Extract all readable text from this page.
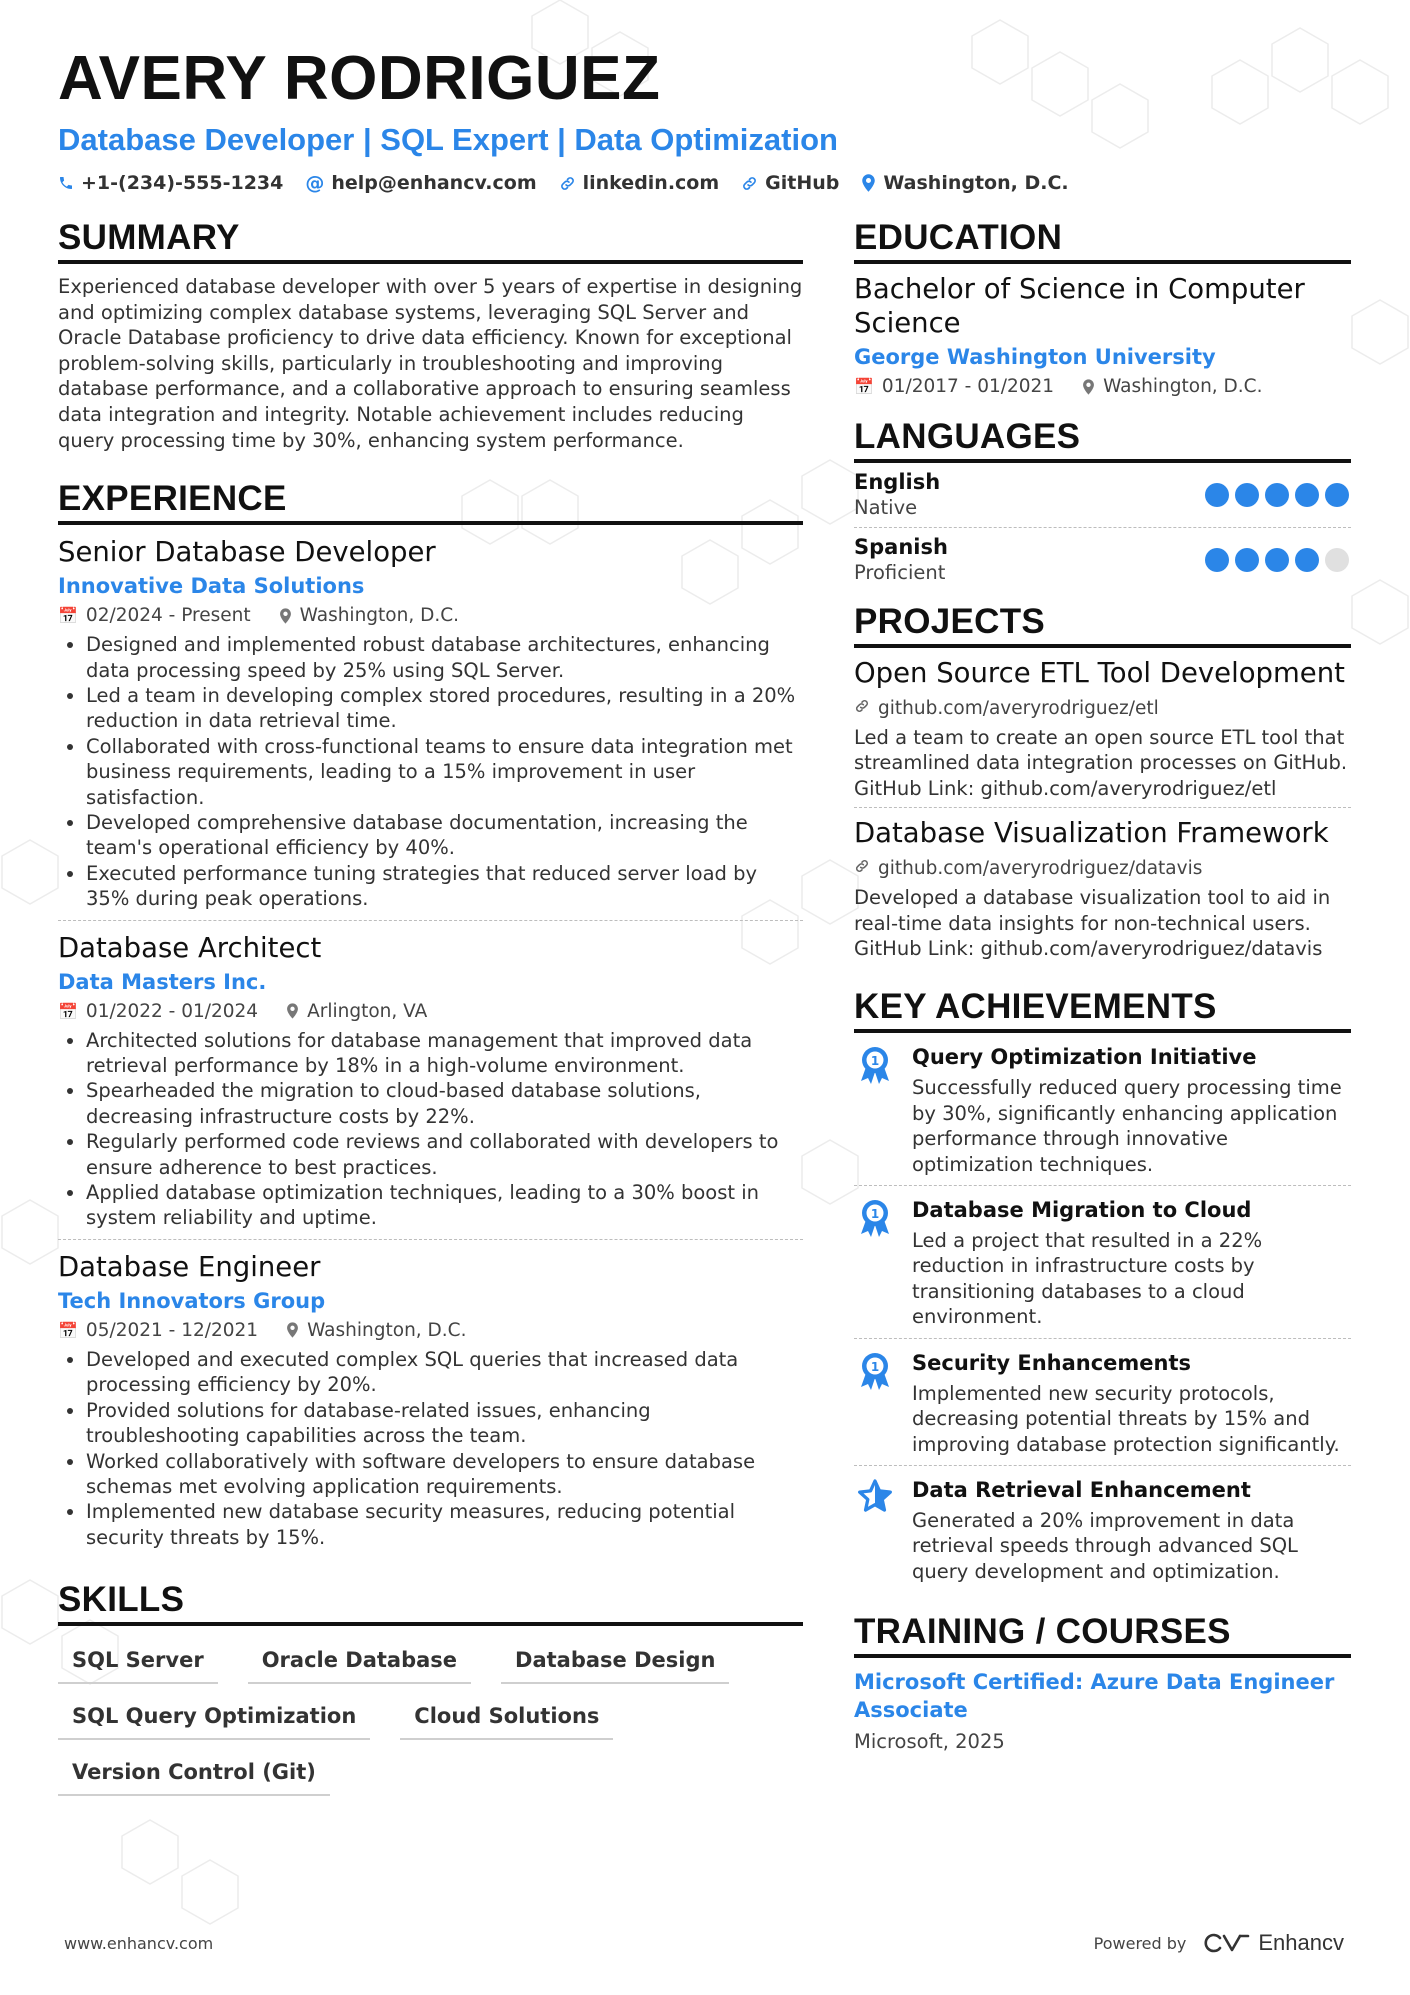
AVERY RODRIGUEZ
Database Developer | SQL Expert | Data Optimization
+1-(234)-555-1234 @ help@enhancv.com linkedin.com GitHub Washington, D.C.
SUMMARY
Experienced database developer with over 5 years of expertise in designing and optimizing complex database systems, leveraging SQL Server and Oracle Database proficiency to drive data efficiency. Known for exceptional problem-solving skills, particularly in troubleshooting and improving database performance, and a collaborative approach to ensuring seamless data integration and integrity. Notable achievement includes reducing query processing time by 30%, enhancing system performance.
EXPERIENCE
Senior Database Developer
Innovative Data Solutions
📅 02/2024 - Present	Washington, D.C.
• Designed and implemented robust database architectures, enhancing data processing speed by 25% using SQL Server.
• Led a team in developing complex stored procedures, resulting in a 20% reduction in data retrieval time.
• Collaborated with cross-functional teams to ensure data integration met business requirements, leading to a 15% improvement in user satisfaction.
• Developed comprehensive database documentation, increasing the team's operational efficiency by 40%.
• Executed performance tuning strategies that reduced server load by 35% during peak operations.
Database Architect
Data Masters Inc.
📅 01/2022 - 01/2024	Arlington, VA
• Architected solutions for database management that improved data retrieval performance by 18% in a high-volume environment.
• Spearheaded the migration to cloud-based database solutions, decreasing infrastructure costs by 22%.
• Regularly performed code reviews and collaborated with developers to ensure adherence to best practices.
• Applied database optimization techniques, leading to a 30% boost in system reliability and uptime.
Database Engineer
Tech Innovators Group
📅 05/2021 - 12/2021	Washington, D.C.
• Developed and executed complex SQL queries that increased data processing efficiency by 20%.
• Provided solutions for database-related issues, enhancing troubleshooting capabilities across the team.
• Worked collaboratively with software developers to ensure database schemas met evolving application requirements.
• Implemented new database security measures, reducing potential security threats by 15%.
SKILLS
SQL Server	Oracle Database	Database Design
SQL Query Optimization	Cloud Solutions
Version Control (Git)
EDUCATION
Bachelor of Science in Computer Science
George Washington University
📅 01/2017 - 01/2021	Washington, D.C.
LANGUAGES
English
Native
Spanish
Proficient
PROJECTS
Open Source ETL Tool Development
github.com/averyrodriguez/etl
Led a team to create an open source ETL tool that streamlined data integration processes on GitHub. GitHub Link: github.com/averyrodriguez/etl
Database Visualization Framework
github.com/averyrodriguez/datavis
Developed a database visualization tool to aid in real-time data insights for non-technical users. GitHub Link: github.com/averyrodriguez/datavis
KEY ACHIEVEMENTS
1 Query Optimization Initiative
Successfully reduced query processing time by 30%, significantly enhancing application performance through innovative optimization techniques.
1 Database Migration to Cloud
Led a project that resulted in a 22% reduction in infrastructure costs by transitioning databases to a cloud environment.
1 Security Enhancements
Implemented new security protocols, decreasing potential threats by 15% and improving database protection significantly.
Data Retrieval Enhancement
Generated a 20% improvement in data retrieval speeds through advanced SQL query development and optimization.
TRAINING / COURSES
Microsoft Certified: Azure Data Engineer Associate
Microsoft, 2025
www.enhancv.com	Powered by	Enhancv
